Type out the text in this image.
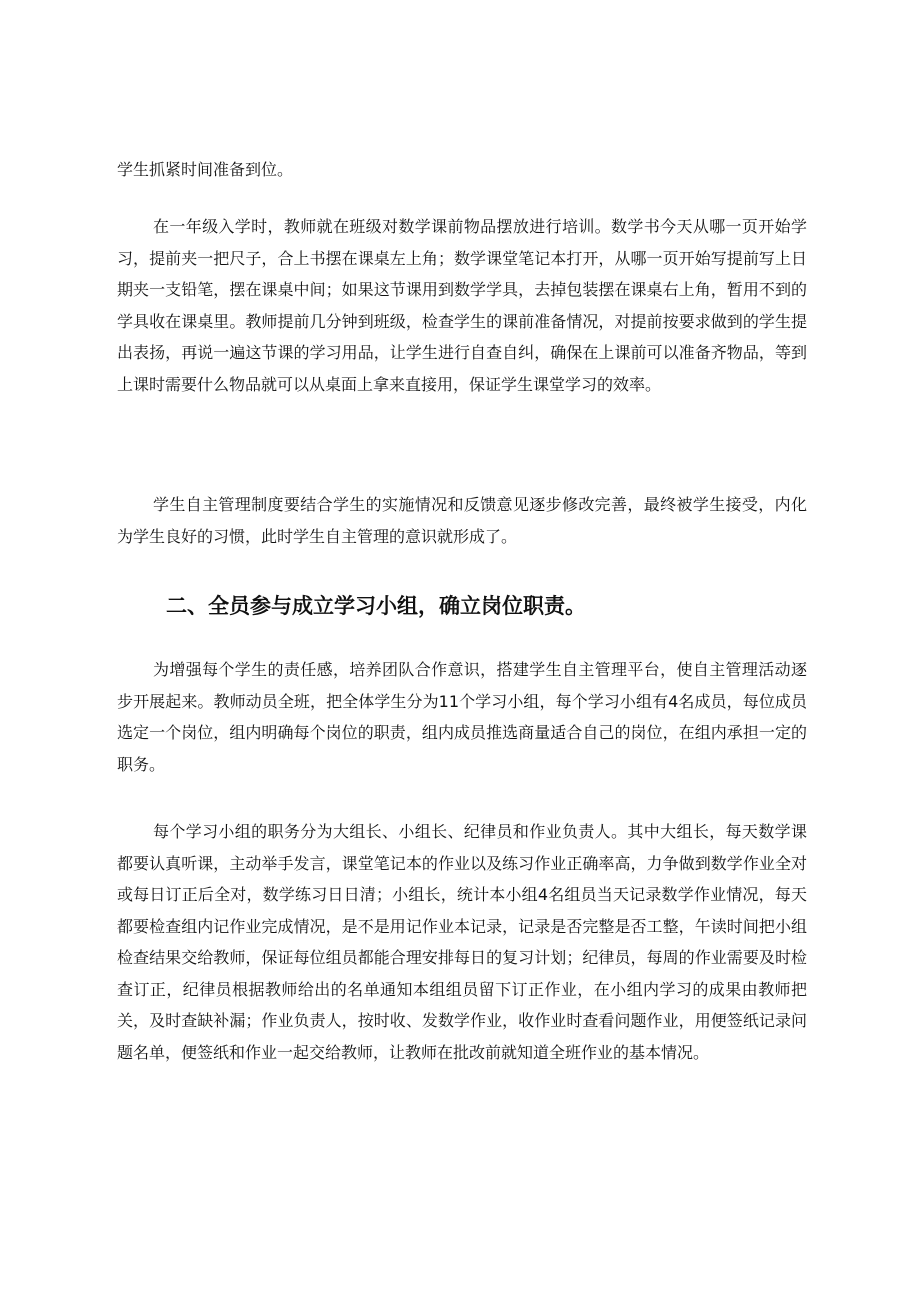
学生抓紧时间准备到位。

在一年级入学时，教师就在班级对数学课前物品摆放进行培训。数学书今天从哪一页开始学习，提前夹一把尺子，合上书摆在课桌左上角；数学课堂笔记本打开，从哪一页开始写提前写上日期夹一支铅笔，摆在课桌中间；如果这节课用到数学学具，去掉包装摆在课桌右上角，暂用不到的学具收在课桌里。教师提前几分钟到班级，检查学生的课前准备情况，对提前按要求做到的学生提出表扬，再说一遍这节课的学习用品，让学生进行自查自纠，确保在上课前可以准备齐物品，等到上课时需要什么物品就可以从桌面上拿来直接用，保证学生课堂学习的效率。

学生自主管理制度要结合学生的实施情况和反馈意见逐步修改完善，最终被学生接受，内化为学生良好的习惯，此时学生自主管理的意识就形成了。

二、全员参与成立学习小组，确立岗位职责。

为增强每个学生的责任感，培养团队合作意识，搭建学生自主管理平台，使自主管理活动逐步开展起来。教师动员全班，把全体学生分为11个学习小组，每个学习小组有4名成员，每位成员选定一个岗位，组内明确每个岗位的职责，组内成员推选商量适合自己的岗位，在组内承担一定的职务。

每个学习小组的职务分为大组长、小组长、纪律员和作业负责人。其中大组长，每天数学课都要认真听课，主动举手发言，课堂笔记本的作业以及练习作业正确率高，力争做到数学作业全对或每日订正后全对，数学练习日日清；小组长，统计本小组4名组员当天记录数学作业情况，每天都要检查组内记作业完成情况，是不是用记作业本记录，记录是否完整是否工整，午读时间把小组检查结果交给教师，保证每位组员都能合理安排每日的复习计划；纪律员，每周的作业需要及时检查订正，纪律员根据教师给出的名单通知本组组员留下订正作业，在小组内学习的成果由教师把关，及时查缺补漏；作业负责人，按时收、发数学作业，收作业时查看问题作业，用便签纸记录问题名单，便签纸和作业一起交给教师，让教师在批改前就知道全班作业的基本情况。
